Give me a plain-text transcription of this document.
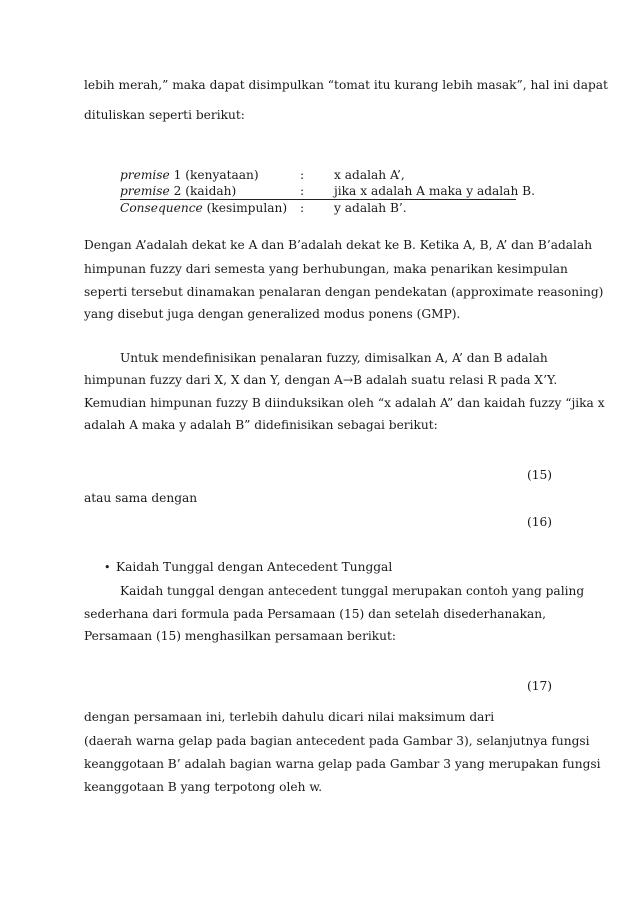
lebih merah,” maka dapat disimpulkan “tomat itu kurang lebih masak”, hal ini dapat
dituliskan seperti berikut:
premise 1 (kenyataan)	: x adalah A’,
premise 2 (kaidah)	: jika x adalah A maka y adalah B.
Consequence (kesimpulan) : y adalah B’.
Dengan A’adalah dekat ke A dan B’adalah dekat ke B. Ketika A, B, A’ dan B’adalah
himpunan fuzzy dari semesta yang berhubungan, maka penarikan kesimpulan
seperti tersebut dinamakan penalaran dengan pendekatan (approximate reasoning)
yang disebut juga dengan generalized modus ponens (GMP).
Untuk mendefinisikan penalaran fuzzy, dimisalkan A, A’ dan B adalah
himpunan fuzzy dari X, X dan Y, dengan A→B adalah suatu relasi R pada X’Y.
Kemudian himpunan fuzzy B diinduksikan oleh “x adalah A” dan kaidah fuzzy “jika x
adalah A maka y adalah B” didefinisikan sebagai berikut:
(15)
atau sama dengan
(16)
• Kaidah Tunggal dengan Antecedent Tunggal
Kaidah tunggal dengan antecedent tunggal merupakan contoh yang paling
sederhana dari formula pada Persamaan (15) dan setelah disederhanakan,
Persamaan (15) menghasilkan persamaan berikut:
(17)
dengan persamaan ini, terlebih dahulu dicari nilai maksimum dari
(daerah warna gelap pada bagian antecedent pada Gambar 3), selanjutnya fungsi
keanggotaan B’ adalah bagian warna gelap pada Gambar 3 yang merupakan fungsi
keanggotaan B yang terpotong oleh w.
